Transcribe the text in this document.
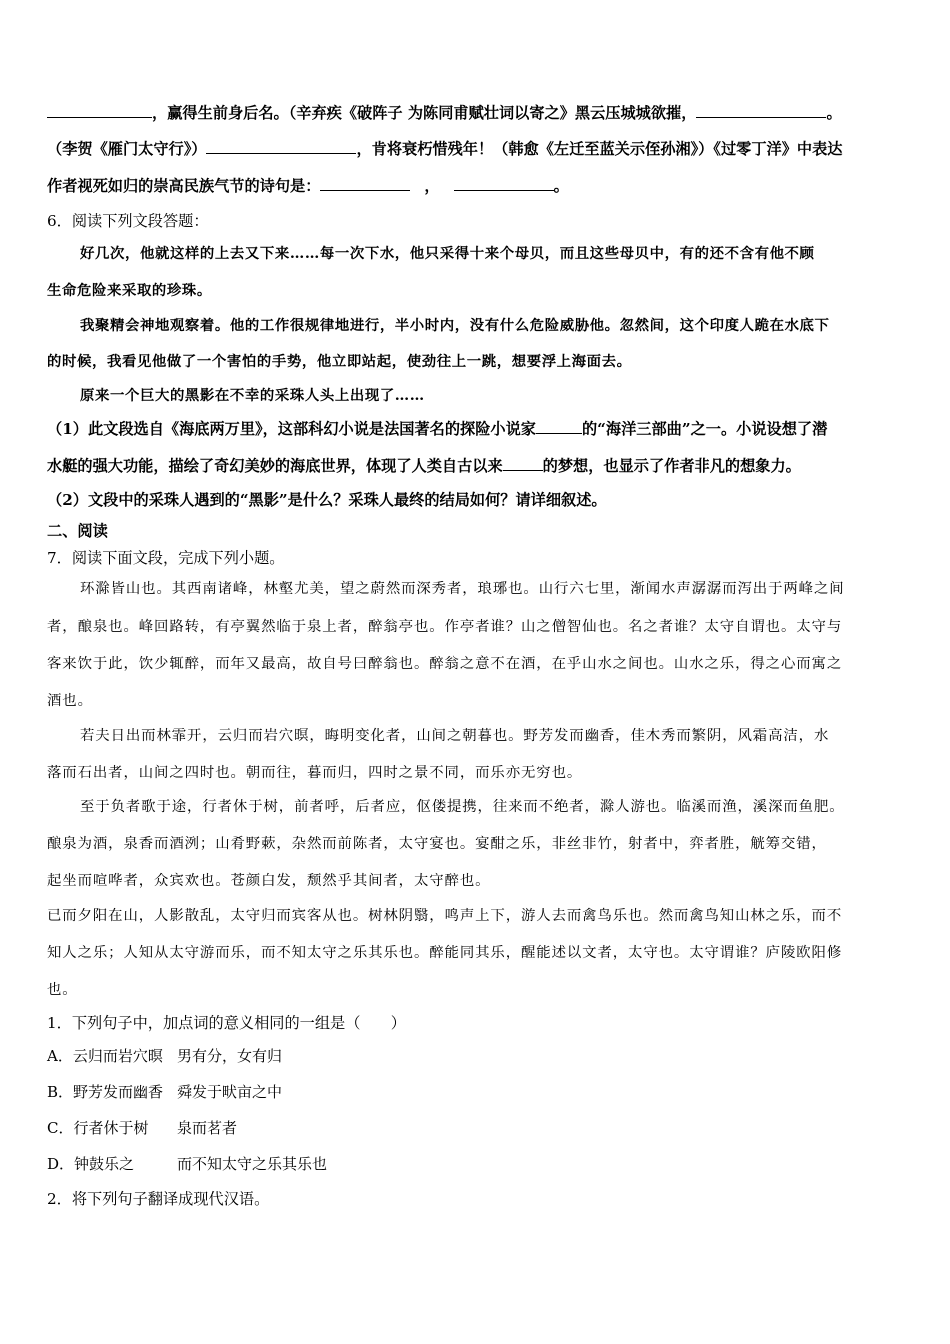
，赢得生前身后名。（辛弃疾《破阵子 为陈同甫赋壮词以寄之》黑云压城城欲摧，	。
（李贺《雁门太守行》）	，肯将衰朽惜残年！（韩愈《左迁至蓝关示侄孙湘》）《过零丁洋》中表达
作者视死如归的崇高民族气节的诗句是：	，	。
6．阅读下列文段答题：
好几次，他就这样的上去又下来……每一次下水，他只采得十来个母贝，而且这些母贝中，有的还不含有他不顾
生命危险来采取的珍珠。
我聚精会神地观察着。他的工作很规律地进行，半小时内，没有什么危险威胁他。忽然间，这个印度人跪在水底下
的时候，我看见他做了一个害怕的手势，他立即站起，使劲往上一跳，想要浮上海面去。
原来一个巨大的黑影在不幸的采珠人头上出现了……
（1）此文段选自《海底两万里》，这部科幻小说是法国著名的探险小说家	的“海洋三部曲”之一。小说设想了潜
水艇的强大功能，描绘了奇幻美妙的海底世界，体现了人类自古以来	的梦想，也显示了作者非凡的想象力。
（2）文段中的采珠人遇到的“黑影”是什么？采珠人最终的结局如何？请详细叙述。
二、阅读
7．阅读下面文段，完成下列小题。
环滁皆山也。其西南诸峰，林壑尤美，望之蔚然而深秀者，琅琊也。山行六七里，渐闻水声潺潺而泻出于两峰之间
者，酿泉也。峰回路转，有亭翼然临于泉上者，醉翁亭也。作亭者谁？山之僧智仙也。名之者谁？太守自谓也。太守与
客来饮于此，饮少辄醉，而年又最高，故自号曰醉翁也。醉翁之意不在酒，在乎山水之间也。山水之乐，得之心而寓之
酒也。
若夫日出而林霏开，云归而岩穴暝，晦明变化者，山间之朝暮也。野芳发而幽香，佳木秀而繁阴，风霜高洁，水
落而石出者，山间之四时也。朝而往，暮而归，四时之景不同，而乐亦无穷也。
至于负者歌于途，行者休于树，前者呼，后者应，伛偻提携，往来而不绝者，滁人游也。临溪而渔，溪深而鱼肥。
酿泉为酒，泉香而酒洌；山肴野蔌，杂然而前陈者，太守宴也。宴酣之乐，非丝非竹，射者中，弈者胜，觥筹交错，
起坐而喧哗者，众宾欢也。苍颜白发，颓然乎其间者，太守醉也。
已而夕阳在山，人影散乱，太守归而宾客从也。树林阴翳，鸣声上下，游人去而禽鸟乐也。然而禽鸟知山林之乐，而不
知人之乐；人知从太守游而乐，而不知太守之乐其乐也。醉能同其乐，醒能述以文者，太守也。太守谓谁？庐陵欧阳修
也。
1．下列句子中，加点词的意义相同的一组是（　　）
A．云归而岩穴暝 男有分，女有归
B．野芳发而幽香 舜发于畎亩之中
C．行者休于树 泉而茗者
D．钟鼓乐之	而不知太守之乐其乐也
2．将下列句子翻译成现代汉语。
